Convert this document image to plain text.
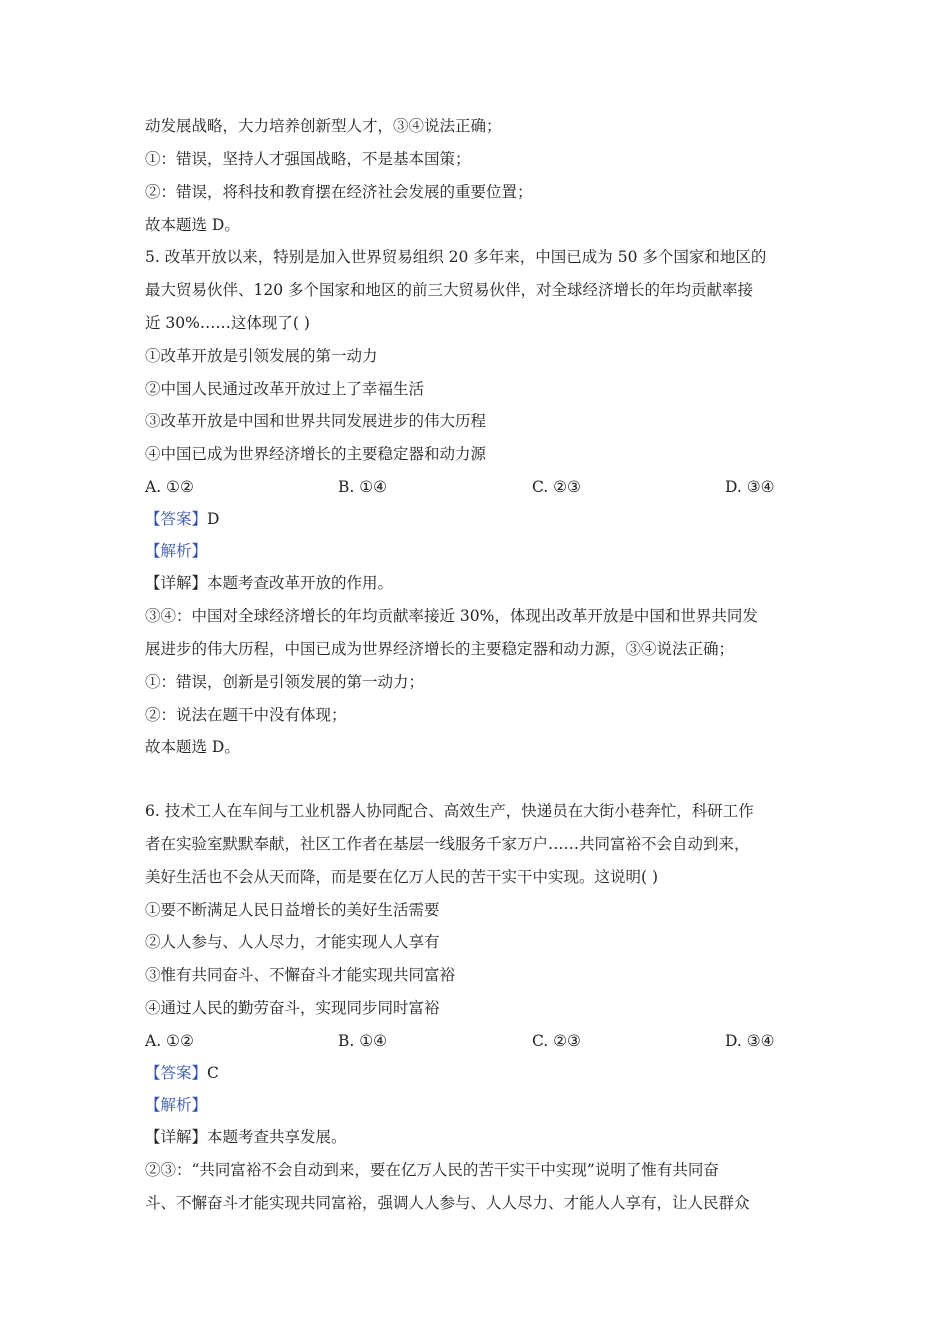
动发展战略，大力培养创新型人才，③④说法正确；
①：错误，坚持人才强国战略，不是基本国策；
②：错误，将科技和教育摆在经济社会发展的重要位置；
故本题选 D。
5. 改革开放以来，特别是加入世界贸易组织 20 多年来，中国已成为 50 多个国家和地区的
最大贸易伙伴、120 多个国家和地区的前三大贸易伙伴，对全球经济增长的年均贡献率接
近 30%……这体现了( )
①改革开放是引领发展的第一动力
②中国人民通过改革开放过上了幸福生活
③改革开放是中国和世界共同发展进步的伟大历程
④中国已成为世界经济增长的主要稳定器和动力源
A. ①②	B. ①④	C. ②③	D. ③④
【答案】D
【解析】
【详解】本题考查改革开放的作用。
③④：中国对全球经济增长的年均贡献率接近 30%，体现出改革开放是中国和世界共同发
展进步的伟大历程，中国已成为世界经济增长的主要稳定器和动力源，③④说法正确；
①：错误，创新是引领发展的第一动力；
②：说法在题干中没有体现；
故本题选 D。
6. 技术工人在车间与工业机器人协同配合、高效生产，快递员在大街小巷奔忙，科研工作
者在实验室默默奉献，社区工作者在基层一线服务千家万户……共同富裕不会自动到来，
美好生活也不会从天而降，而是要在亿万人民的苦干实干中实现。这说明( )
①要不断满足人民日益增长的美好生活需要
②人人参与、人人尽力，才能实现人人享有
③惟有共同奋斗、不懈奋斗才能实现共同富裕
④通过人民的勤劳奋斗，实现同步同时富裕
A. ①②	B. ①④	C. ②③	D. ③④
【答案】C
【解析】
【详解】本题考查共享发展。
②③：“共同富裕不会自动到来，要在亿万人民的苦干实干中实现”说明了惟有共同奋
斗、不懈奋斗才能实现共同富裕，强调人人参与、人人尽力、才能人人享有，让人民群众
